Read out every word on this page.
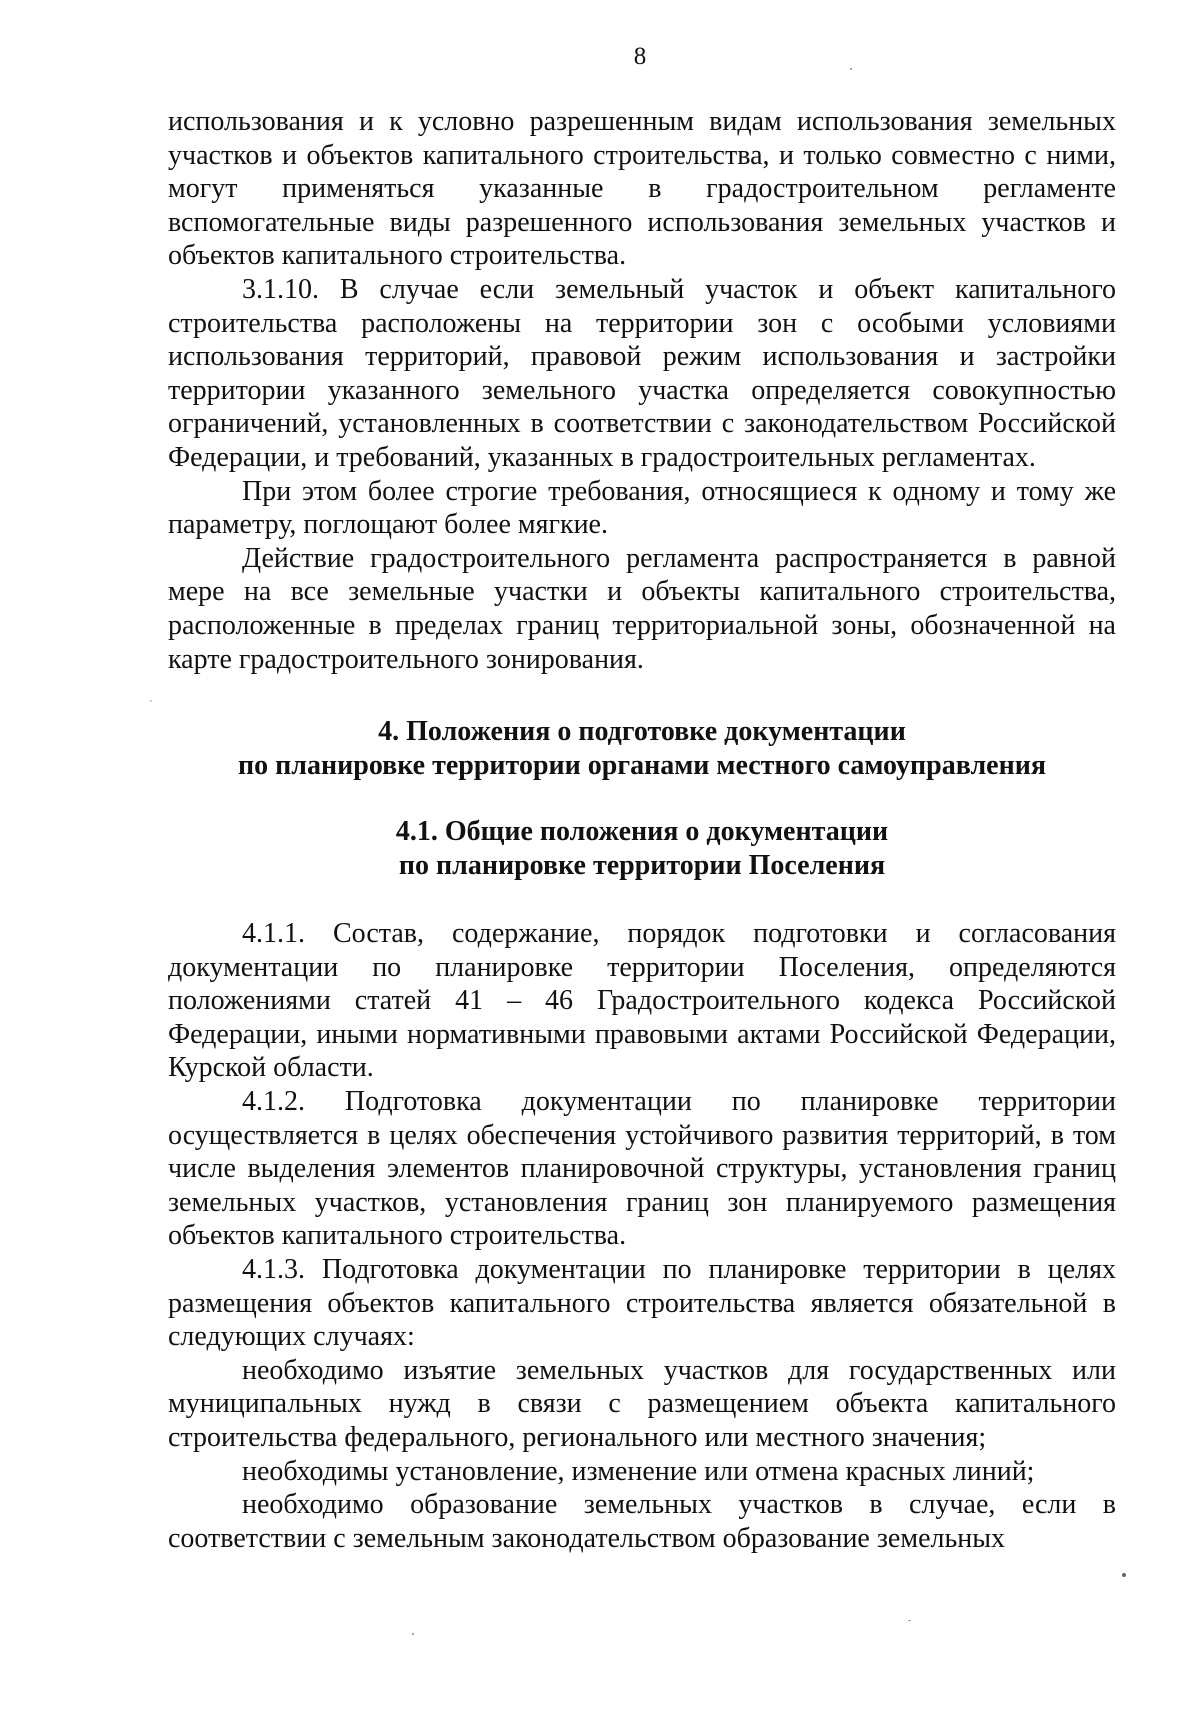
8

использования и к условно разрешенным видам использования земельных участков и объектов капитального строительства, и только совместно с ними, могут применяться указанные в градостроительном регламенте вспомогательные виды разрешенного использования земельных участков и объектов капитального строительства.

3.1.10. В случае если земельный участок и объект капитального строительства расположены на территории зон с особыми условиями использования территорий, правовой режим использования и застройки территории указанного земельного участка определяется совокупностью ограничений, установленных в соответствии с законодательством Российской Федерации, и требований, указанных в градостроительных регламентах.

При этом более строгие требования, относящиеся к одному и тому же параметру, поглощают более мягкие.

Действие градостроительного регламента распространяется в равной мере на все земельные участки и объекты капитального строительства, расположенные в пределах границ территориальной зоны, обозначенной на карте градостроительного зонирования.

4. Положения о подготовке документации
по планировке территории органами местного самоуправления
4.1. Общие положения о документации
по планировке территории Поселения

4.1.1. Состав, содержание, порядок подготовки и согласования документации по планировке территории Поселения, определяются положениями статей 41 – 46 Градостроительного кодекса Российской Федерации, иными нормативными правовыми актами Российской Федерации, Курской области.

4.1.2. Подготовка документации по планировке территории осуществляется в целях обеспечения устойчивого развития территорий, в том числе выделения элементов планировочной структуры, установления границ земельных участков, установления границ зон планируемого размещения объектов капитального строительства.

4.1.3. Подготовка документации по планировке территории в целях размещения объектов капитального строительства является обязательной в следующих случаях:

необходимо изъятие земельных участков для государственных или муниципальных нужд в связи с размещением объекта капитального строительства федерального, регионального или местного значения;

необходимы установление, изменение или отмена красных линий;

необходимо образование земельных участков в случае, если в соответствии с земельным законодательством образование земельных
